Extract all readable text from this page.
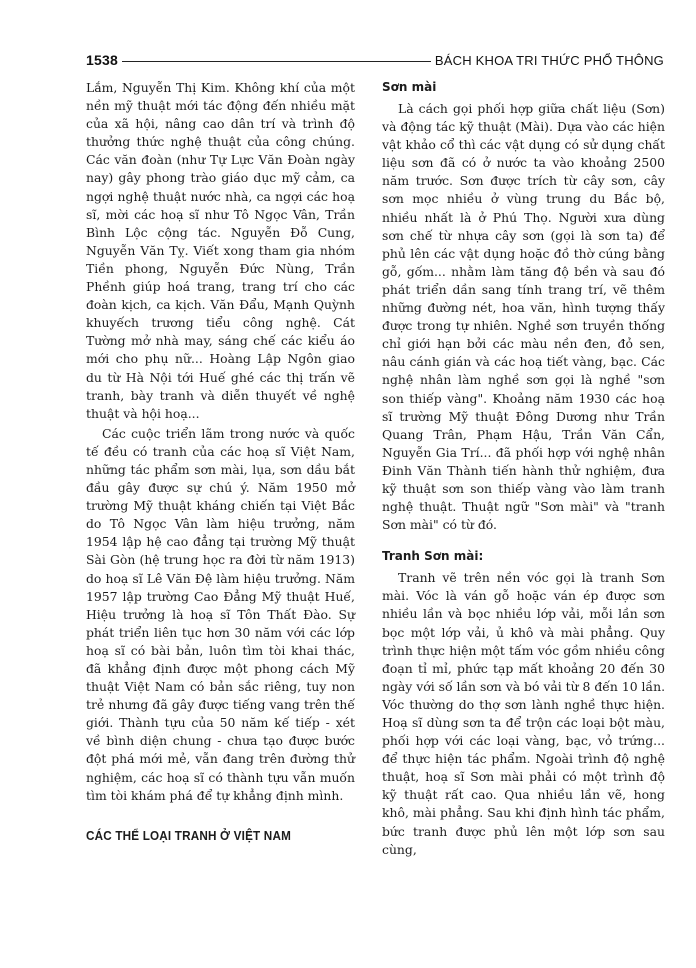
1538	BÁCH KHOA TRI THỨC PHỔ THÔNG

Lắm, Nguyễn Thị Kim. Không khí của một nền mỹ thuật mới tác động đến nhiều mặt của xã hội, nâng cao dân trí và trình độ thưởng thức nghệ thuật của công chúng. Các văn đoàn (như Tự Lực Văn Đoàn ngày nay) gây phong trào giáo dục mỹ cảm, ca ngợi nghệ thuật nước nhà, ca ngợi các hoạ sĩ, mời các hoạ sĩ như Tô Ngọc Vân, Trần Bình Lộc cộng tác. Nguyễn Đỗ Cung, Nguyễn Văn Tỵ. Viết xong tham gia nhóm Tiền phong, Nguyễn Đức Nùng, Trần Phềnh giúp hoá trang, trang trí cho các đoàn kịch, ca kịch. Văn Đẩu, Mạnh Quỳnh khuyếch trương tiểu công nghệ. Cát Tường mở nhà may, sáng chế các kiểu áo mới cho phụ nữ... Hoàng Lập Ngôn giao du từ Hà Nội tới Huế ghé các thị trấn vẽ tranh, bày tranh và diễn thuyết về nghệ thuật và hội hoạ...

Các cuộc triển lãm trong nước và quốc tế đều có tranh của các hoạ sĩ Việt Nam, những tác phẩm sơn mài, lụa, sơn dầu bắt đầu gây được sự chú ý. Năm 1950 mở trường Mỹ thuật kháng chiến tại Việt Bắc do Tô Ngọc Vân làm hiệu trưởng, năm 1954 lập hệ cao đẳng tại trường Mỹ thuật Sài Gòn (hệ trung học ra đời từ năm 1913) do hoạ sĩ Lê Văn Đệ làm hiệu trưởng. Năm 1957 lập trường Cao Đẳng Mỹ thuật Huế, Hiệu trưởng là hoạ sĩ Tôn Thất Đào. Sự phát triển liên tục hơn 30 năm với các lớp hoạ sĩ có bài bản, luôn tìm tòi khai thác, đã khẳng định được một phong cách Mỹ thuật Việt Nam có bản sắc riêng, tuy non trẻ nhưng đã gây được tiếng vang trên thế giới. Thành tựu của 50 năm kế tiếp - xét về bình diện chung - chưa tạo được bước đột phá mới mẻ, vẫn đang trên đường thử nghiệm, các hoạ sĩ có thành tựu vẫn muốn tìm tòi khám phá để tự khẳng định mình.

CÁC THỂ LOẠI TRANH Ở VIỆT NAM
Sơn mài

Là cách gọi phối hợp giữa chất liệu (Sơn) và động tác kỹ thuật (Mài). Dựa vào các hiện vật khảo cổ thì các vật dụng có sử dụng chất liệu sơn đã có ở nước ta vào khoảng 2500 năm trước. Sơn được trích từ cây sơn, cây sơn mọc nhiều ở vùng trung du Bắc bộ, nhiều nhất là ở Phú Thọ. Người xưa dùng sơn chế từ nhựa cây sơn (gọi là sơn ta) để phủ lên các vật dụng hoặc đồ thờ cúng bằng gỗ, gốm... nhằm làm tăng độ bền và sau đó phát triển dần sang tính trang trí, vẽ thêm những đường nét, hoa văn, hình tượng thấy được trong tự nhiên. Nghề sơn truyền thống chỉ giới hạn bởi các màu nền đen, đỏ sen, nâu cánh gián và các hoạ tiết vàng, bạc. Các nghệ nhân làm nghề sơn gọi là nghề "sơn son thiếp vàng". Khoảng năm 1930 các hoạ sĩ trường Mỹ thuật Đông Dương như Trần Quang Trân, Phạm Hậu, Trần Văn Cẩn, Nguyễn Gia Trí... đã phối hợp với nghệ nhân Đinh Văn Thành tiến hành thử nghiệm, đưa kỹ thuật sơn son thiếp vàng vào làm tranh nghệ thuật. Thuật ngữ "Sơn mài" và "tranh Sơn mài" có từ đó.

Tranh Sơn mài:

Tranh vẽ trên nền vóc gọi là tranh Sơn mài. Vóc là ván gỗ hoặc ván ép được sơn nhiều lần và bọc nhiều lớp vải, mỗi lần sơn bọc một lớp vải, ủ khô và mài phẳng. Quy trình thực hiện một tấm vóc gồm nhiều công đoạn tỉ mỉ, phức tạp mất khoảng 20 đến 30 ngày với số lần sơn và bó vải từ 8 đến 10 lần. Vóc thường do thợ sơn lành nghề thực hiện. Hoạ sĩ dùng sơn ta để trộn các loại bột màu, phối hợp với các loại vàng, bạc, vỏ trứng... để thực hiện tác phẩm. Ngoài trình độ nghệ thuật, hoạ sĩ Sơn mài phải có một trình độ kỹ thuật rất cao. Qua nhiều lần vẽ, hong khô, mài phẳng. Sau khi định hình tác phẩm, bức tranh được phủ lên một lớp sơn sau cùng,
